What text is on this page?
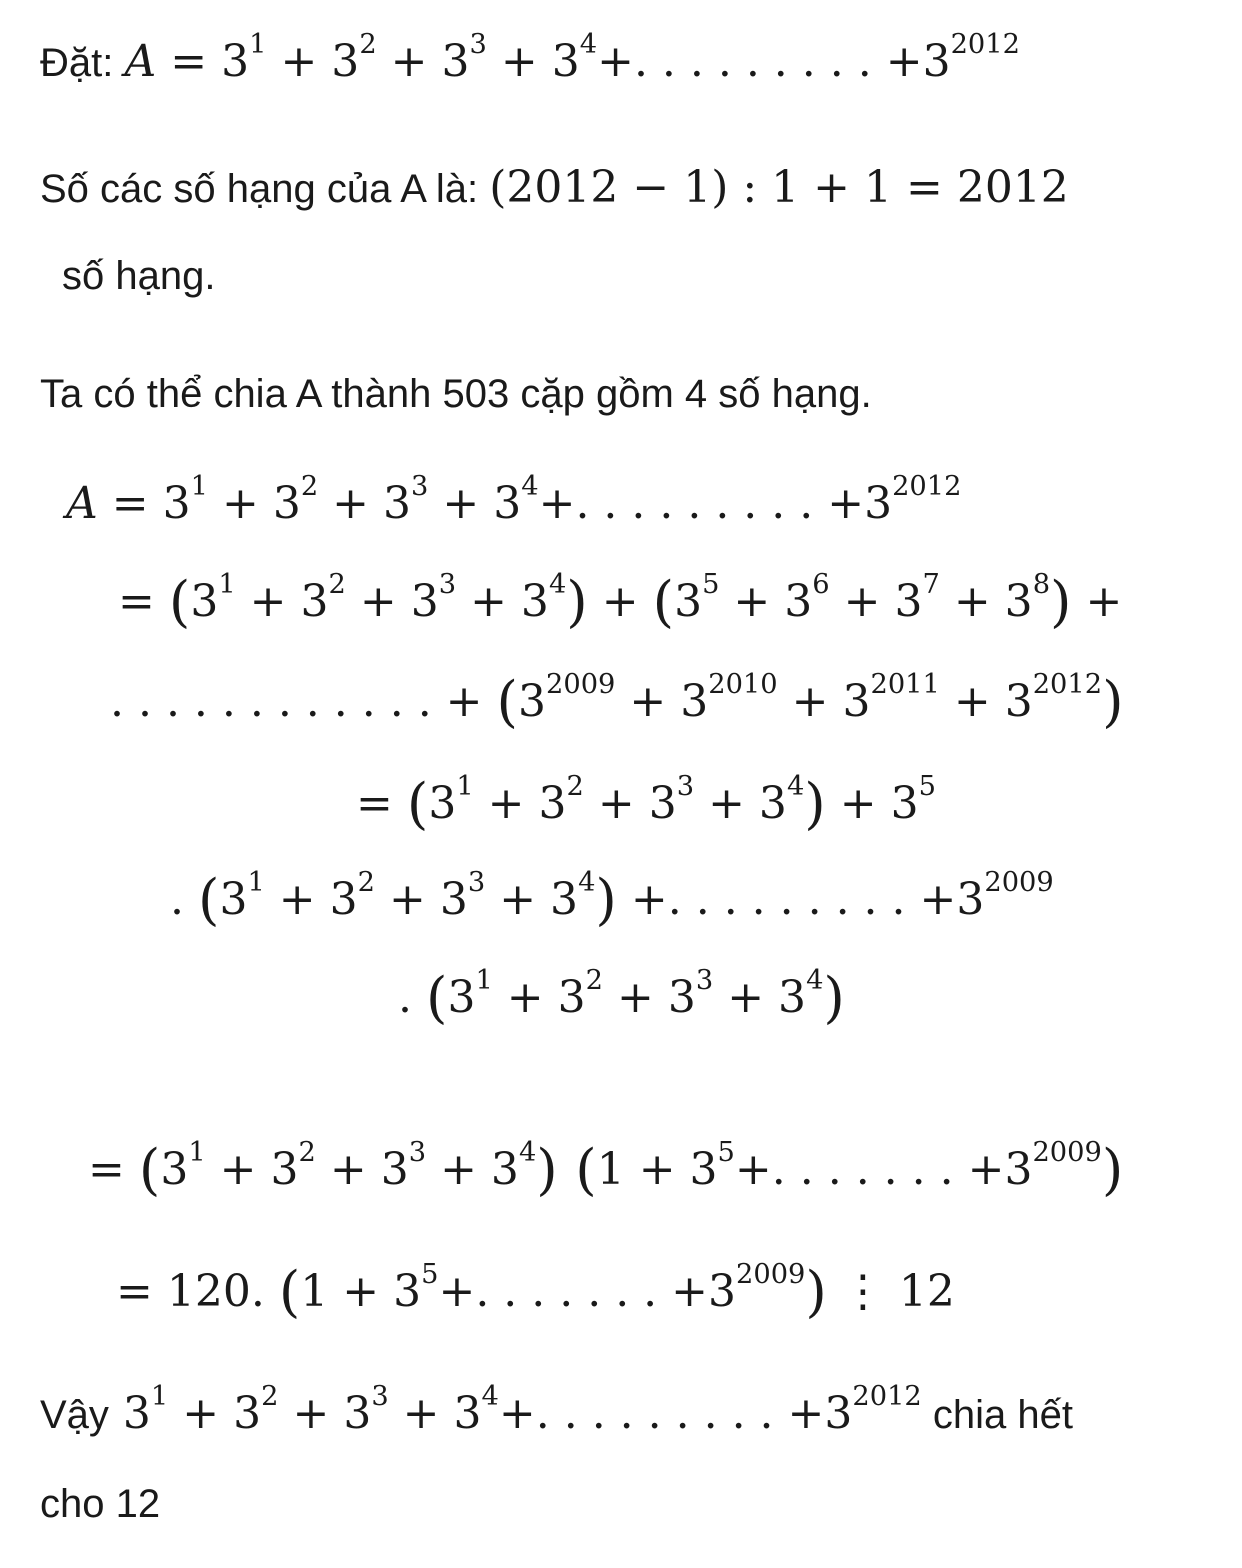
Đặt: $A = 3^1 + 3^2 + 3^3 + 3^4+$. . . . . . . . . $+3^{2012}$
Số các số hạng của A là: (2012 − 1) : 1 + 1 = 2012
số hạng.
Ta có thể chia A thành 503 cặp gồm 4 số hạng.
$A = 3^1 + 3^2 + 3^3 + 3^4+$. . . . . . . . . $+3^{2012}$
= $(3^1 + 3^2 + 3^3 + 3^4) + (3^5 + 3^6 + 3^7 + 3^8)$ +
. . . . . . . . . . . . + $(3^{2009} + 3^{2010} + 3^{2011} + 3^{2012})$
= $(3^1 + 3^2 + 3^3 + 3^4) + 3^5$
. $(3^1 + 3^2 + 3^3 + 3^4)$ +. . . . . . . . . $+3^{2009}$
. $(3^1 + 3^2 + 3^3 + 3^4)$
= $(3^1 + 3^2 + 3^3 + 3^4) (1 + 3^5+$. . . . . . . $+3^{2009}$)
= 120. ($1 + 3^5+$. . . . . . . $+3^{2009}$) ⋮ 12
Vậy $3^1 + 3^2 + 3^3 + 3^4+$. . . . . . . . . $+3^{2012}$ chia hết
cho 12
